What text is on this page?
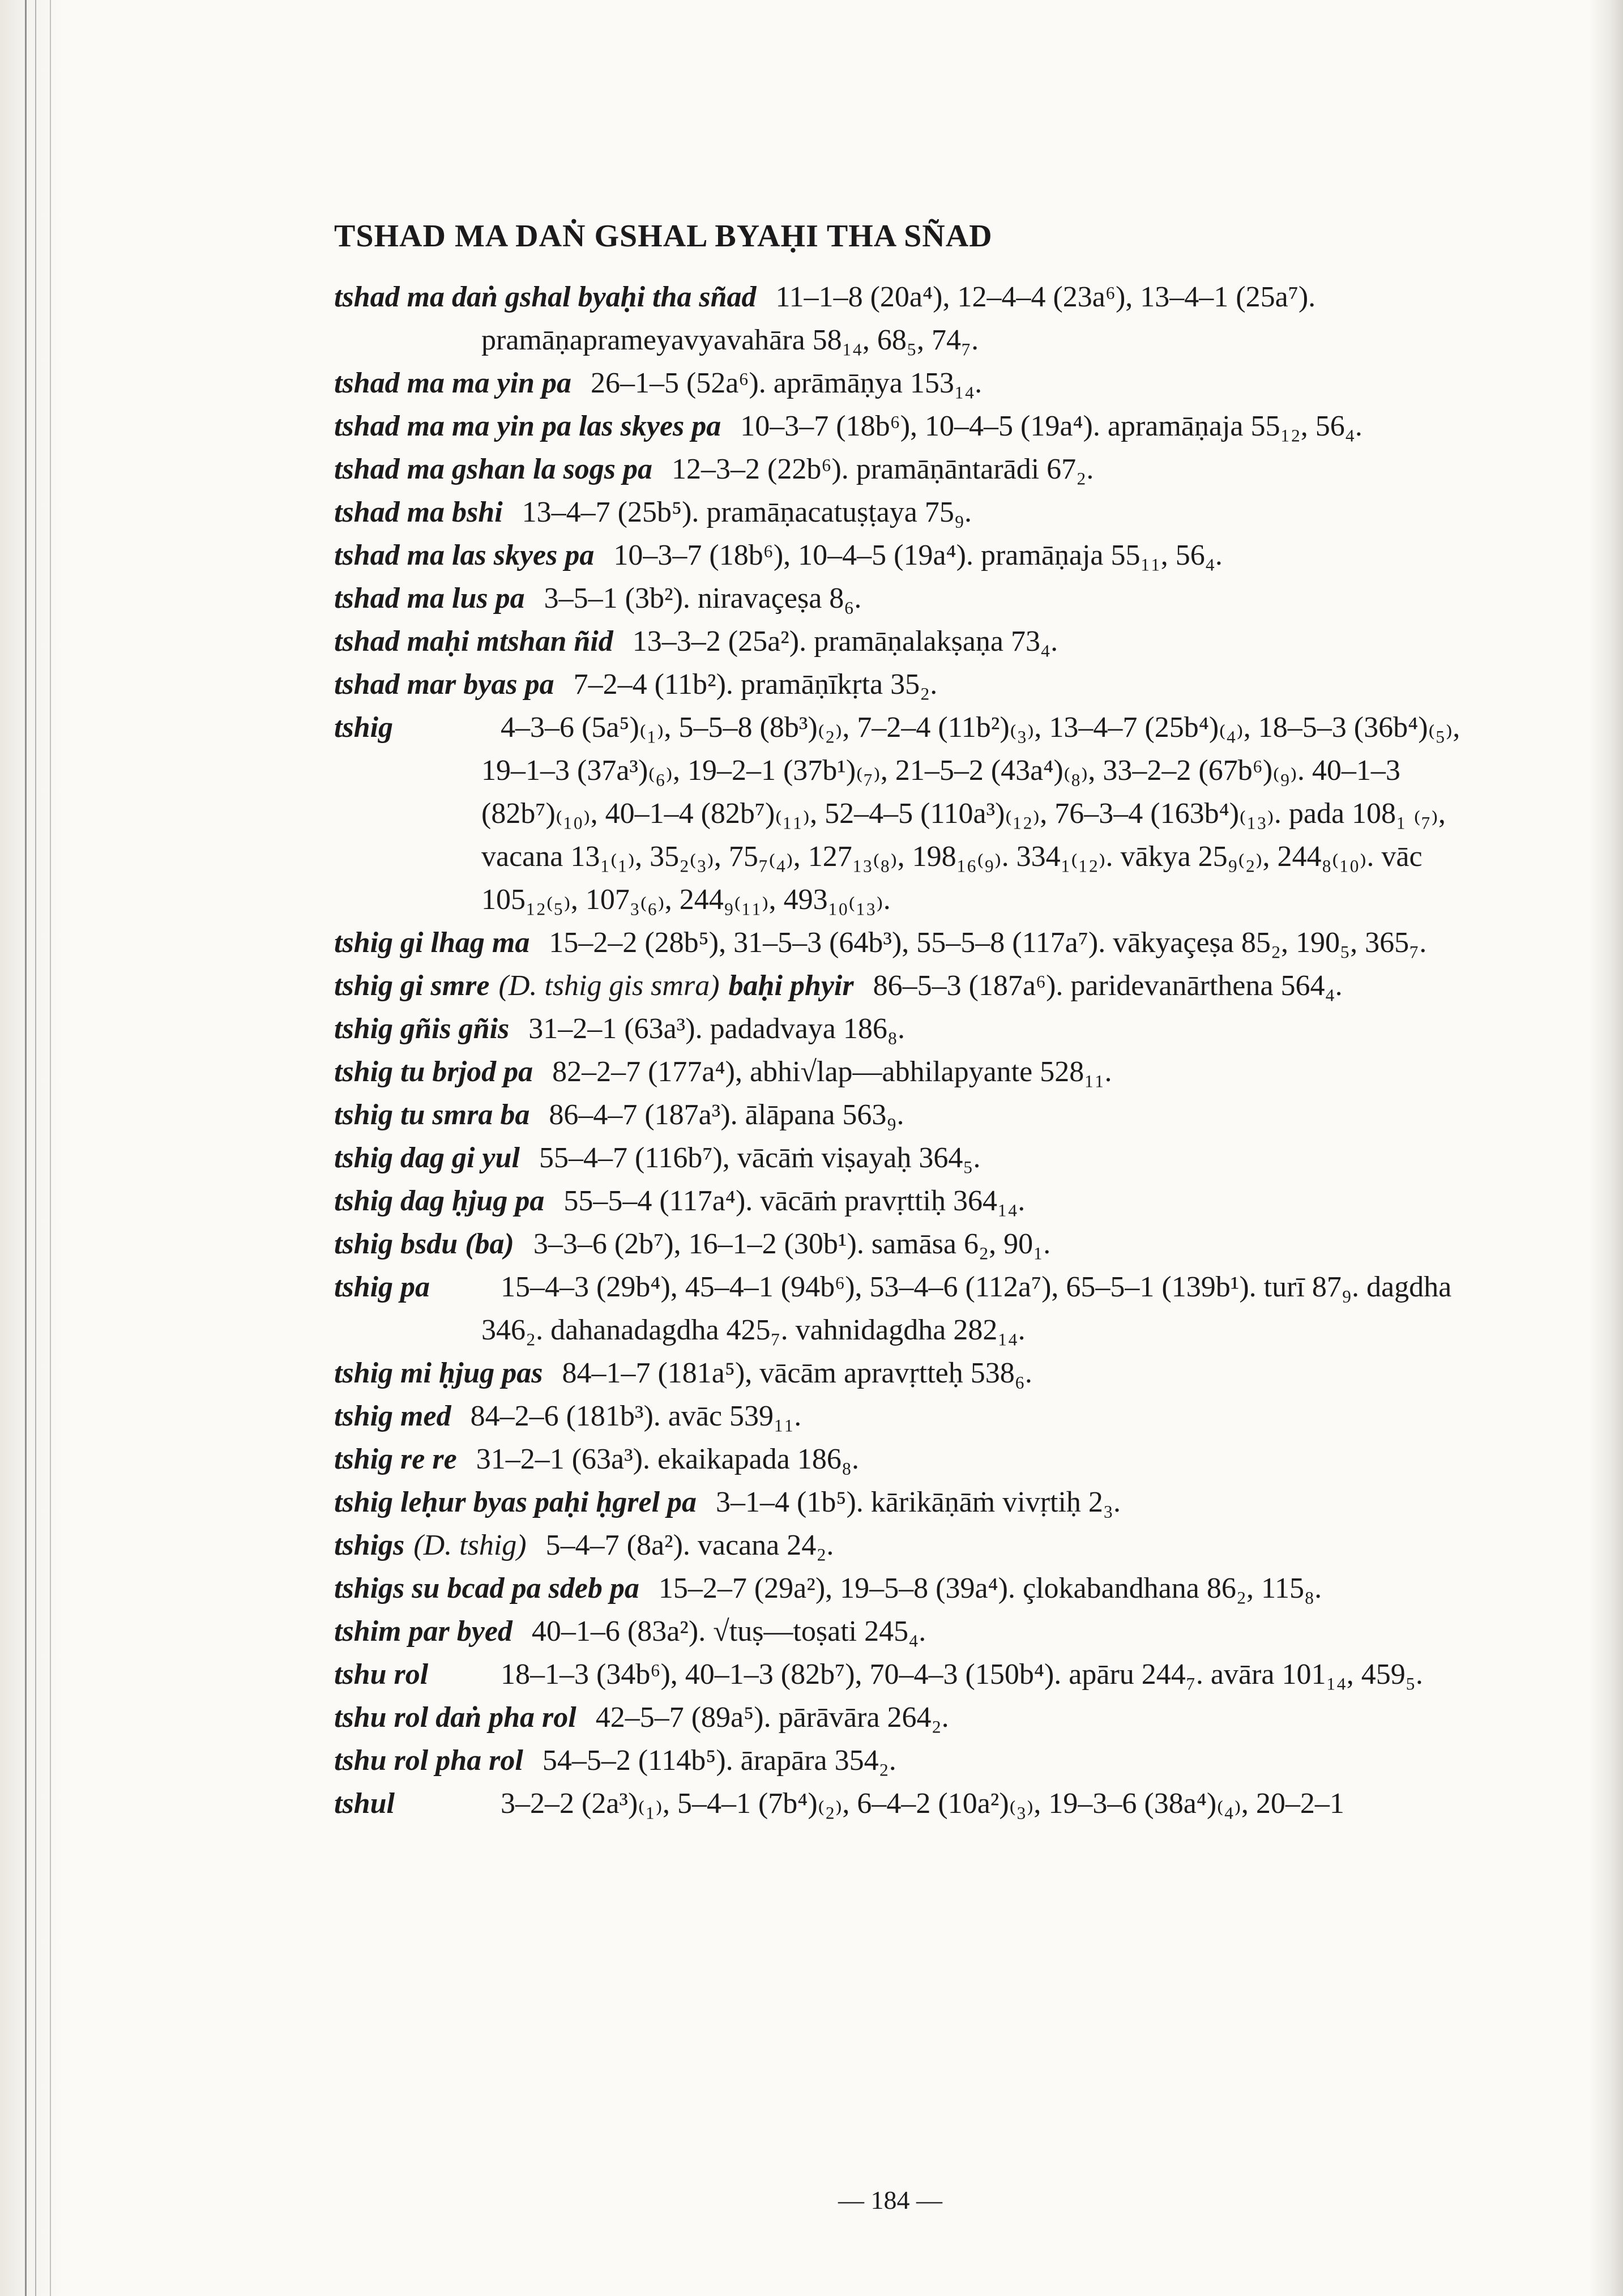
TSHAD MA DAṄ GSHAL BYAḤI THA SÑAD
tshad ma daṅ gshal byaḥi tha sñad 11–1–8 (20a⁴), 12–4–4 (23a⁶), 13–4–1 (25a⁷). pramāṇaprameyavyavahāra 58₁₄, 68₅, 74₇.
tshad ma ma yin pa 26–1–5 (52a⁶). aprāmāṇya 153₁₄.
tshad ma ma yin pa las skyes pa 10–3–7 (18b⁶), 10–4–5 (19a⁴). apramāṇaja 55₁₂, 56₄.
tshad ma gshan la sogs pa 12–3–2 (22b⁶). pramāṇāntarādi 67₂.
tshad ma bshi 13–4–7 (25b⁵). pramāṇacatuṣṭaya 75₉.
tshad ma las skyes pa 10–3–7 (18b⁶), 10–4–5 (19a⁴). pramāṇaja 55₁₁, 56₄.
tshad ma lus pa 3–5–1 (3b²). niravaçeṣa 8₆.
tshad maḥi mtshan ñid 13–3–2 (25a²). pramāṇalakṣaṇa 73₄.
tshad mar byas pa 7–2–4 (11b²). pramāṇīkṛta 35₂.
tshig	4–3–6 (5a⁵)₍₁₎, 5–5–8 (8b³)₍₂₎, 7–2–4 (11b²)₍₃₎, 13–4–7 (25b⁴)₍₄₎, 18–5–3 (36b⁴)₍₅₎, 19–1–3 (37a³)₍₆₎, 19–2–1 (37b¹)₍₇₎, 21–5–2 (43a⁴)₍₈₎, 33–2–2 (67b⁶)₍₉₎. 40–1–3 (82b⁷)₍₁₀₎, 40–1–4 (82b⁷)₍₁₁₎, 52–4–5 (110a³)₍₁₂₎, 76–3–4 (163b⁴)₍₁₃₎. pada 108₁ ₍₇₎, vacana 13₁₍₁₎, 35₂₍₃₎, 75₇₍₄₎, 127₁₃₍₈₎, 198₁₆₍₉₎. 334₁₍₁₂₎. vākya 25₉₍₂₎, 244₈₍₁₀₎. vāc 105₁₂₍₅₎, 107₃₍₆₎, 244₉₍₁₁₎, 493₁₀₍₁₃₎.
tshig gi lhag ma 15–2–2 (28b⁵), 31–5–3 (64b³), 55–5–8 (117a⁷). vākyaçeṣa 85₂, 190₅, 365₇.
tshig gi smre (D. tshig gis smra) baḥi phyir 86–5–3 (187a⁶). paridevanārthena 564₄.
tshig gñis gñis 31–2–1 (63a³). padadvaya 186₈.
tshig tu brjod pa 82–2–7 (177a⁴), abhi√lap—abhilapyante 528₁₁.
tshig tu smra ba 86–4–7 (187a³). ālāpana 563₉.
tshig dag gi yul 55–4–7 (116b⁷), vācāṁ viṣayaḥ 364₅.
tshig dag ḥjug pa 55–5–4 (117a⁴). vācāṁ pravṛttiḥ 364₁₄.
tshig bsdu (ba) 3–3–6 (2b⁷), 16–1–2 (30b¹). samāsa 6₂, 90₁.
tshig pa 15–4–3 (29b⁴), 45–4–1 (94b⁶), 53–4–6 (112a⁷), 65–5–1 (139b¹). turī 87₉. dagdha 346₂. dahanadagdha 425₇. vahnidagdha 282₁₄.
tshig mi ḥjug pas 84–1–7 (181a⁵), vācām apravṛtteḥ 538₆.
tshig med 84–2–6 (181b³). avāc 539₁₁.
tshig re re 31–2–1 (63a³). ekaikapada 186₈.
tshig leḥur byas paḥi ḥgrel pa 3–1–4 (1b⁵). kārikāṇāṁ vivṛtiḥ 2₃.
tshigs (D. tshig) 5–4–7 (8a²). vacana 24₂.
tshigs su bcad pa sdeb pa 15–2–7 (29a²), 19–5–8 (39a⁴). çlokabandhana 86₂, 115₈.
tshim par byed 40–1–6 (83a²). √tuṣ—toṣati 245₄.
tshu rol 18–1–3 (34b⁶), 40–1–3 (82b⁷), 70–4–3 (150b⁴). apāru 244₇. avāra 101₁₄, 459₅.
tshu rol daṅ pha rol 42–5–7 (89a⁵). pārāvāra 264₂.
tshu rol pha rol 54–5–2 (114b⁵). ārapāra 354₂.
tshul	3–2–2 (2a³)₍₁₎, 5–4–1 (7b⁴)₍₂₎, 6–4–2 (10a²)₍₃₎, 19–3–6 (38a⁴)₍₄₎, 20–2–1
— 184 —
